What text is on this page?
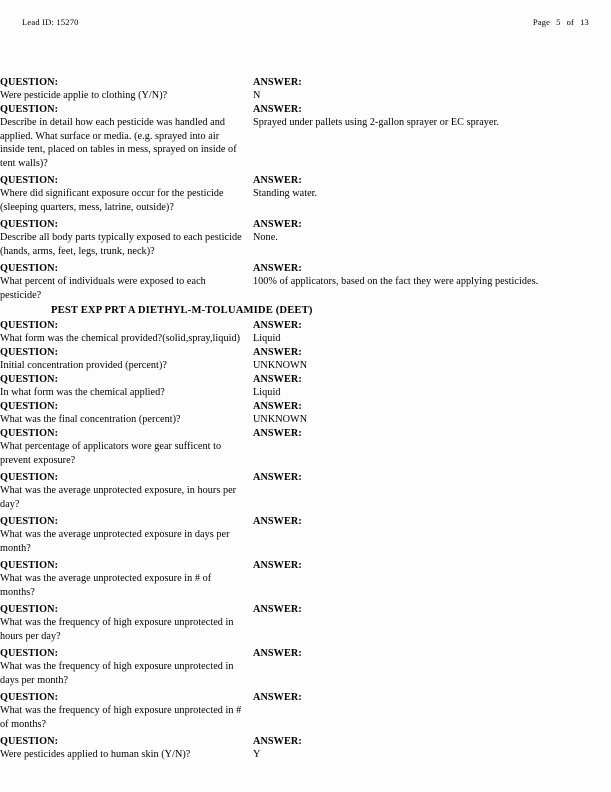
Lead ID: 15270	Page 5 of 13
QUESTION:
Were pesticide applie to clothing (Y/N)?
ANSWER:
N
QUESTION:
Describe in detail how each pesticide was handled and applied. What surface or media. (e.g. sprayed into air inside tent, placed on tables in mess, sprayed on inside of tent walls)?
ANSWER:
Sprayed under pallets using 2-gallon sprayer or EC sprayer.
QUESTION:
Where did significant exposure occur for the pesticide (sleeping quarters, mess, latrine, outside)?
ANSWER:
Standing water.
QUESTION:
Describe all body parts typically exposed to each pesticide (hands, arms, feet, legs, trunk, neck)?
ANSWER:
None.
QUESTION:
What percent of individuals were exposed to each pesticide?
ANSWER:
100% of applicators, based on the fact they were applying pesticides.
PEST EXP PRT A DIETHYL-M-TOLUAMIDE (DEET)
QUESTION:
What form was the chemical provided?(solid,spray,liquid)
ANSWER:
Liquid
QUESTION:
Initial concentration provided (percent)?
ANSWER:
UNKNOWN
QUESTION:
In what form was the chemical applied?
ANSWER:
Liquid
QUESTION:
What was the final concentration (percent)?
ANSWER:
UNKNOWN
QUESTION:
What percentage of applicators wore gear sufficent to prevent exposure?
ANSWER:
QUESTION:
What was the average unprotected exposure, in hours per day?
ANSWER:
QUESTION:
What was the average unprotected exposure in days per month?
ANSWER:
QUESTION:
What was the average unprotected exposure in # of months?
ANSWER:
QUESTION:
What was the frequency of high exposure unprotected in hours per day?
ANSWER:
QUESTION:
What was the frequency of high exposure unprotected in days per month?
ANSWER:
QUESTION:
What was the frequency of high exposure unprotected in # of months?
ANSWER:
QUESTION:
Were pesticides applied to human skin (Y/N)?
ANSWER:
Y
